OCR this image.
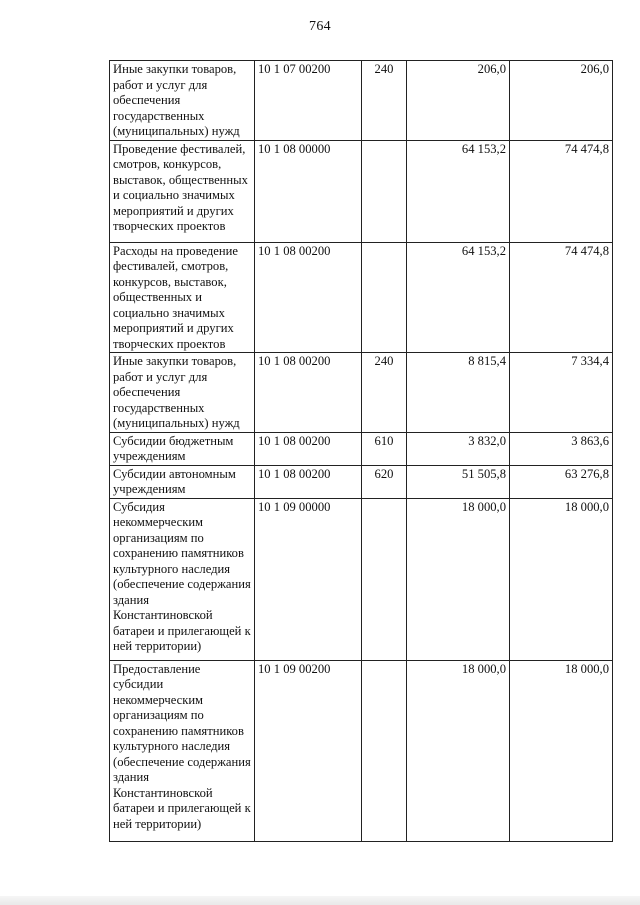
764
Иные закупки товаров, работ и услуг для обеспечения государственных (муниципальных) нужд	10 1 07 00200	240	206,0	206,0
Проведение фестивалей, смотров, конкурсов, выставок, общественных и социально значимых мероприятий и других творческих проектов	10 1 08 00000		64 153,2	74 474,8
Расходы на проведение фестивалей, смотров, конкурсов, выставок, общественных и социально значимых мероприятий и других творческих проектов	10 1 08 00200		64 153,2	74 474,8
Иные закупки товаров, работ и услуг для обеспечения государственных (муниципальных) нужд	10 1 08 00200	240	8 815,4	7 334,4
Субсидии бюджетным учреждениям	10 1 08 00200	610	3 832,0	3 863,6
Субсидии автономным учреждениям	10 1 08 00200	620	51 505,8	63 276,8
Субсидия некоммерческим организациям по сохранению памятников культурного наследия (обеспечение содержания здания Константиновской батареи и прилегающей к ней территории)	10 1 09 00000		18 000,0	18 000,0
Предоставление субсидии некоммерческим организациям по сохранению памятников культурного наследия (обеспечение содержания здания Константиновской батареи и прилегающей к ней территории)	10 1 09 00200		18 000,0	18 000,0
